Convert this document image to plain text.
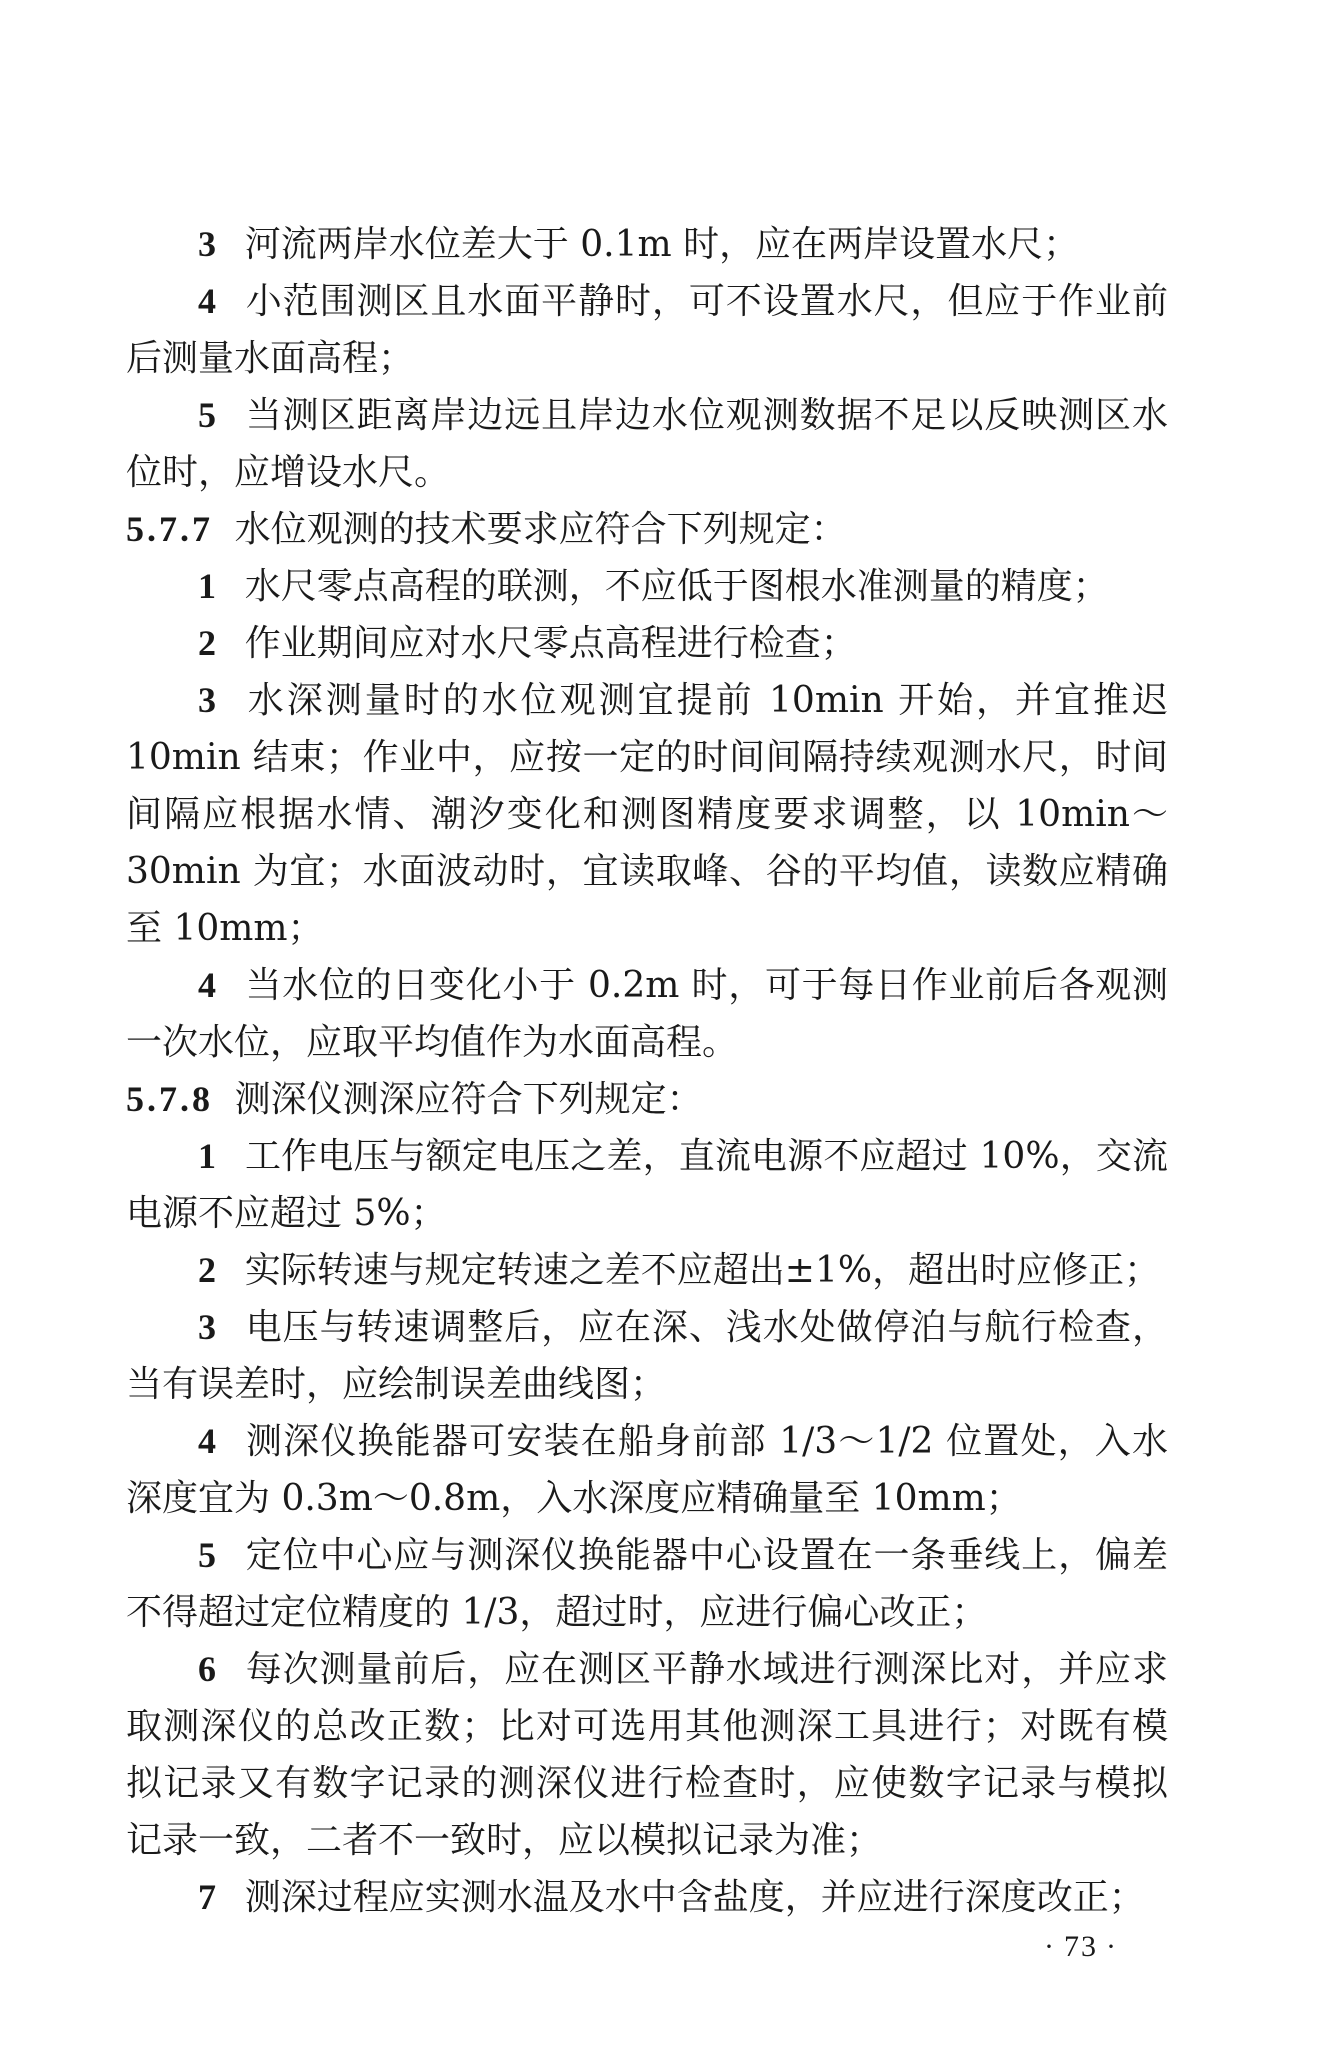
3 河流两岸水位差大于 0.1m 时，应在两岸设置水尺；

4 小范围测区且水面平静时，可不设置水尺，但应于作业前后测量水面高程；

5 当测区距离岸边远且岸边水位观测数据不足以反映测区水位时，应增设水尺。

5.7.7 水位观测的技术要求应符合下列规定：

1 水尺零点高程的联测，不应低于图根水准测量的精度；

2 作业期间应对水尺零点高程进行检查；

3 水深测量时的水位观测宜提前 10min 开始，并宜推迟 10min 结束；作业中，应按一定的时间间隔持续观测水尺，时间间隔应根据水情、潮汐变化和测图精度要求调整，以 10min～30min 为宜；水面波动时，宜读取峰、谷的平均值，读数应精确至 10mm；

4 当水位的日变化小于 0.2m 时，可于每日作业前后各观测一次水位，应取平均值作为水面高程。

5.7.8 测深仪测深应符合下列规定：

1 工作电压与额定电压之差，直流电源不应超过 10%，交流电源不应超过 5%；

2 实际转速与规定转速之差不应超出±1%，超出时应修正；

3 电压与转速调整后，应在深、浅水处做停泊与航行检查，当有误差时，应绘制误差曲线图；

4 测深仪换能器可安装在船身前部 1/3～1/2 位置处，入水深度宜为 0.3m～0.8m，入水深度应精确量至 10mm；

5 定位中心应与测深仪换能器中心设置在一条垂线上，偏差不得超过定位精度的 1/3，超过时，应进行偏心改正；

6 每次测量前后，应在测区平静水域进行测深比对，并应求取测深仪的总改正数；比对可选用其他测深工具进行；对既有模拟记录又有数字记录的测深仪进行检查时，应使数字记录与模拟记录一致，二者不一致时，应以模拟记录为准；

7 测深过程应实测水温及水中含盐度，并应进行深度改正；

· 73 ·
